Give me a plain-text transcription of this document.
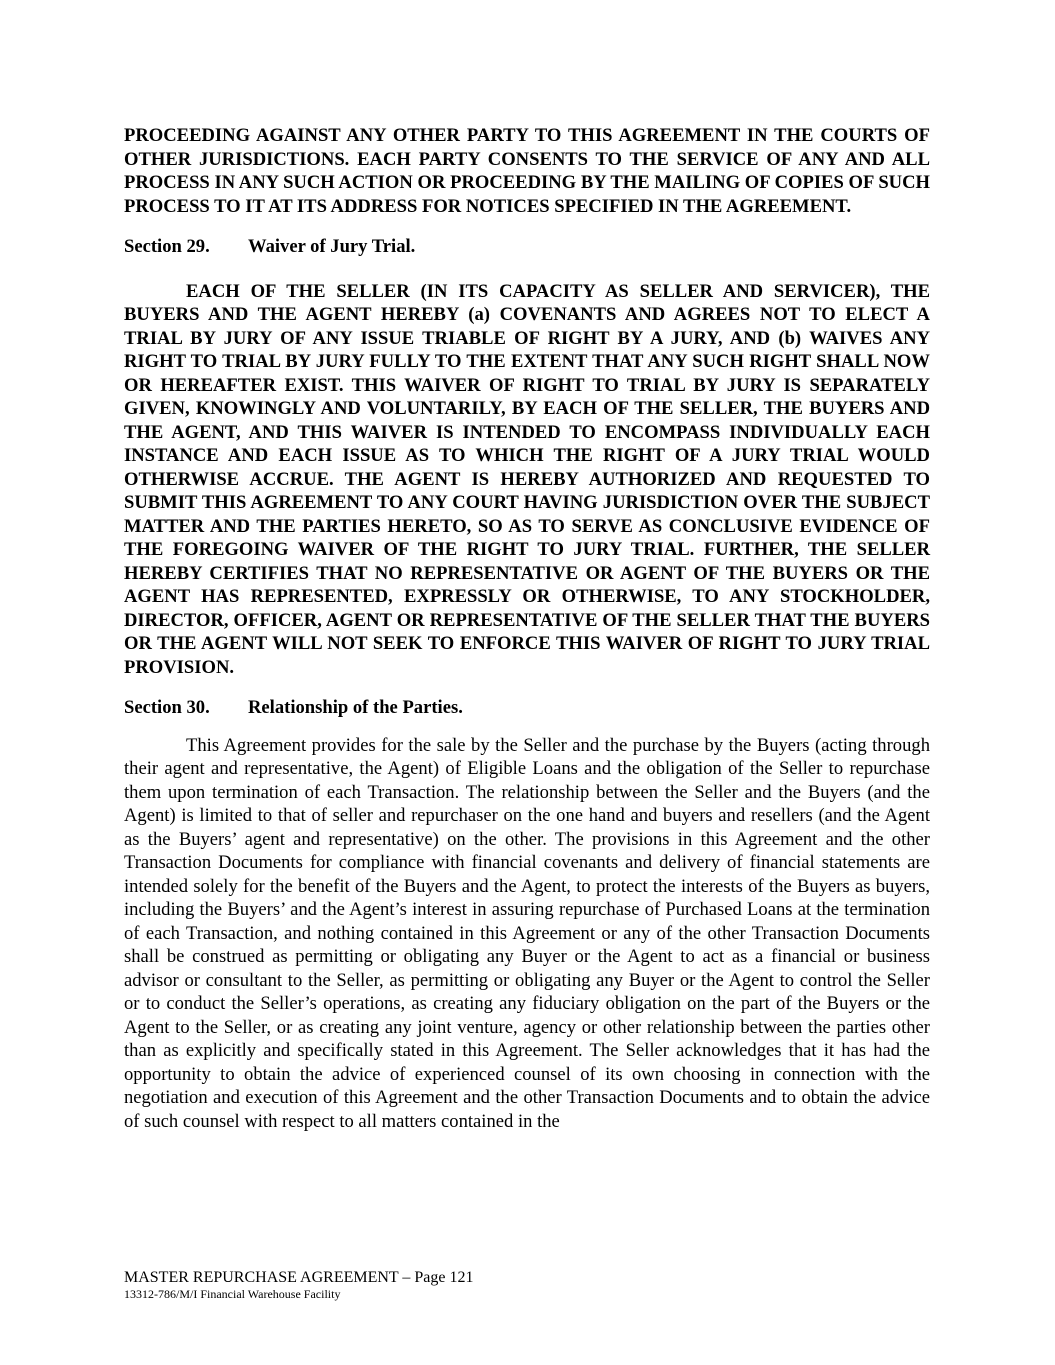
PROCEEDING AGAINST ANY OTHER PARTY TO THIS AGREEMENT IN THE COURTS OF OTHER JURISDICTIONS. EACH PARTY CONSENTS TO THE SERVICE OF ANY AND ALL PROCESS IN ANY SUCH ACTION OR PROCEEDING BY THE MAILING OF COPIES OF SUCH PROCESS TO IT AT ITS ADDRESS FOR NOTICES SPECIFIED IN THE AGREEMENT.

Section 29. Waiver of Jury Trial.

EACH OF THE SELLER (IN ITS CAPACITY AS SELLER AND SERVICER), THE BUYERS AND THE AGENT HEREBY (a) COVENANTS AND AGREES NOT TO ELECT A TRIAL BY JURY OF ANY ISSUE TRIABLE OF RIGHT BY A JURY, AND (b) WAIVES ANY RIGHT TO TRIAL BY JURY FULLY TO THE EXTENT THAT ANY SUCH RIGHT SHALL NOW OR HEREAFTER EXIST. THIS WAIVER OF RIGHT TO TRIAL BY JURY IS SEPARATELY GIVEN, KNOWINGLY AND VOLUNTARILY, BY EACH OF THE SELLER, THE BUYERS AND THE AGENT, AND THIS WAIVER IS INTENDED TO ENCOMPASS INDIVIDUALLY EACH INSTANCE AND EACH ISSUE AS TO WHICH THE RIGHT OF A JURY TRIAL WOULD OTHERWISE ACCRUE. THE AGENT IS HEREBY AUTHORIZED AND REQUESTED TO SUBMIT THIS AGREEMENT TO ANY COURT HAVING JURISDICTION OVER THE SUBJECT MATTER AND THE PARTIES HERETO, SO AS TO SERVE AS CONCLUSIVE EVIDENCE OF THE FOREGOING WAIVER OF THE RIGHT TO JURY TRIAL. FURTHER, THE SELLER HEREBY CERTIFIES THAT NO REPRESENTATIVE OR AGENT OF THE BUYERS OR THE AGENT HAS REPRESENTED, EXPRESSLY OR OTHERWISE, TO ANY STOCKHOLDER, DIRECTOR, OFFICER, AGENT OR REPRESENTATIVE OF THE SELLER THAT THE BUYERS OR THE AGENT WILL NOT SEEK TO ENFORCE THIS WAIVER OF RIGHT TO JURY TRIAL PROVISION.

Section 30. Relationship of the Parties.

This Agreement provides for the sale by the Seller and the purchase by the Buyers (acting through their agent and representative, the Agent) of Eligible Loans and the obligation of the Seller to repurchase them upon termination of each Transaction. The relationship between the Seller and the Buyers (and the Agent) is limited to that of seller and repurchaser on the one hand and buyers and resellers (and the Agent as the Buyers’ agent and representative) on the other. The provisions in this Agreement and the other Transaction Documents for compliance with financial covenants and delivery of financial statements are intended solely for the benefit of the Buyers and the Agent, to protect the interests of the Buyers as buyers, including the Buyers’ and the Agent’s interest in assuring repurchase of Purchased Loans at the termination of each Transaction, and nothing contained in this Agreement or any of the other Transaction Documents shall be construed as permitting or obligating any Buyer or the Agent to act as a financial or business advisor or consultant to the Seller, as permitting or obligating any Buyer or the Agent to control the Seller or to conduct the Seller’s operations, as creating any fiduciary obligation on the part of the Buyers or the Agent to the Seller, or as creating any joint venture, agency or other relationship between the parties other than as explicitly and specifically stated in this Agreement. The Seller acknowledges that it has had the opportunity to obtain the advice of experienced counsel of its own choosing in connection with the negotiation and execution of this Agreement and the other Transaction Documents and to obtain the advice of such counsel with respect to all matters contained in the

MASTER REPURCHASE AGREEMENT – Page 121
13312-786/M/I Financial Warehouse Facility
